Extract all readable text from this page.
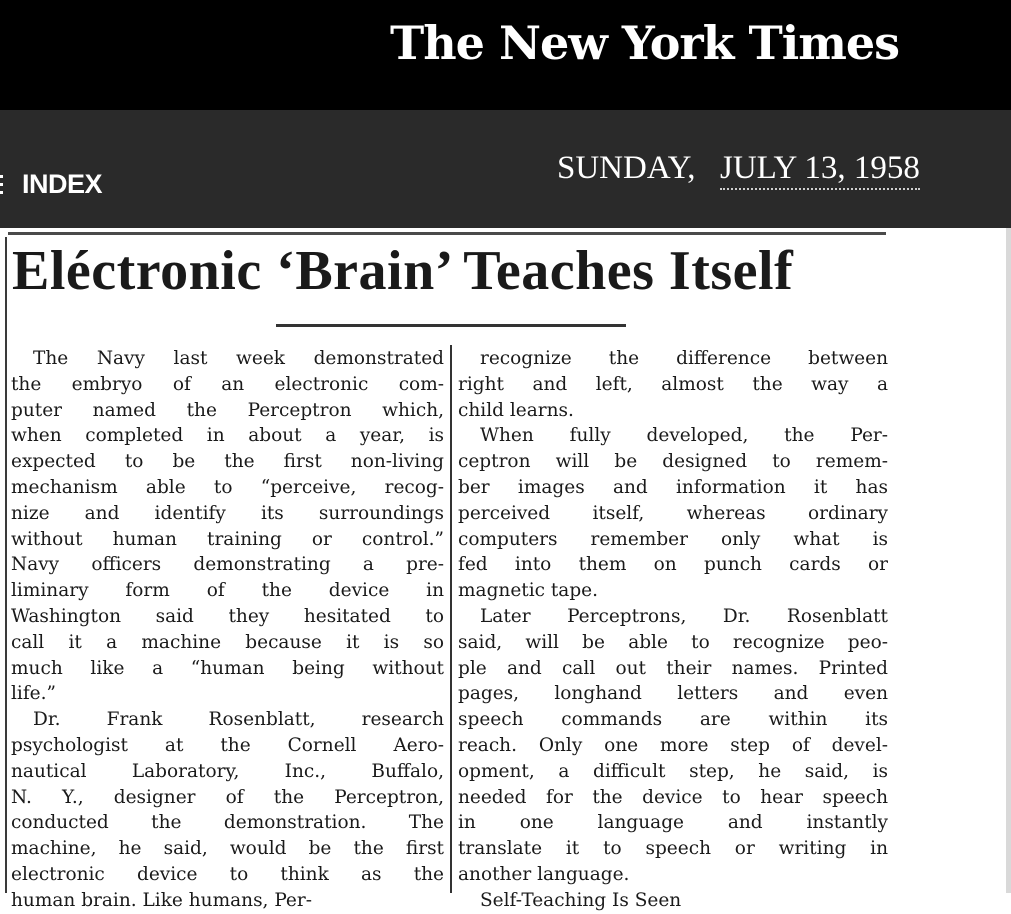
The New York Times
INDEX	SUNDAY, JULY 13, 1958
Eléctronic ‘Brain’ Teaches Itself
The Navy last week demonstrated
the embryo of an electronic com-
puter named the Perceptron which,
when completed in about a year, is
expected to be the first non-living
mechanism able to “perceive, recog-
nize and identify its surroundings
without human training or control.”
Navy officers demonstrating a pre-
liminary form of the device in
Washington said they hesitated to
call it a machine because it is so
much like a “human being without
life.”
Dr. Frank Rosenblatt, research
psychologist at the Cornell Aero-
nautical Laboratory, Inc., Buffalo,
N. Y., designer of the Perceptron,
conducted the demonstration. The
machine, he said, would be the first
electronic device to think as the
human brain. Like humans, Per-
recognize the difference between
right and left, almost the way a
child learns.
When fully developed, the Per-
ceptron will be designed to remem-
ber images and information it has
perceived itself, whereas ordinary
computers remember only what is
fed into them on punch cards or
magnetic tape.
Later Perceptrons, Dr. Rosenblatt
said, will be able to recognize peo-
ple and call out their names. Printed
pages, longhand letters and even
speech commands are within its
reach. Only one more step of devel-
opment, a difficult step, he said, is
needed for the device to hear speech
in one language and instantly
translate it to speech or writing in
another language.
Self-Teaching Is Seen
